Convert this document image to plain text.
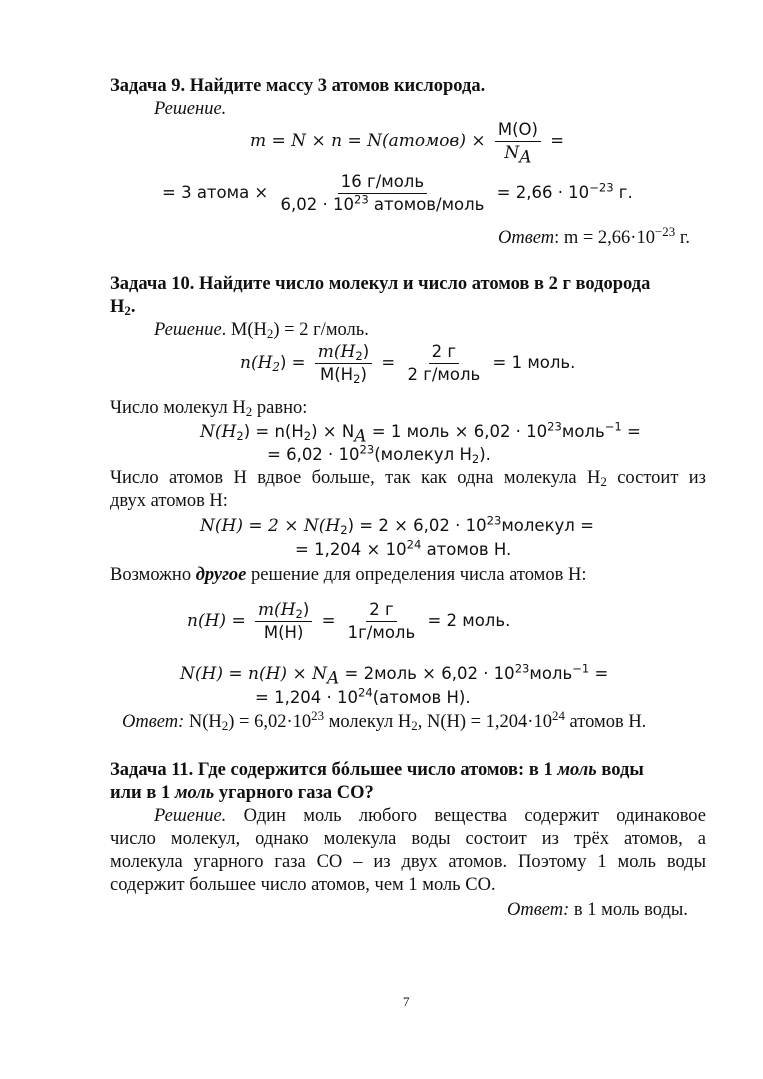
Задача 9. Найдите массу 3 атомов кислорода.
Решение.
m = N × n = N(атомов) × $\frac{M(O)}{N_A}$ =
= 3 атома × $\frac{\text{16 г/моль}}{6,02 \cdot 10^{23} атомов/моль} = 2,66 \cdot 10^{-23}$ г.
Ответ: $m = 2,66\cdot 10^{-23}$ г.
Задача 10. Найдите число молекул и число атомов в 2 г водорода
$H_2$.
Решение. $M(H_2) = 2$ г/моль.
$n(H_2) = \frac{m(H_2)}{M(H_2)} = \frac{2 г}{\text{2 г/моль}} = 1$ моль.
Число молекул $H_2$ равно:
$N(H_2) = n(H_2) \times N_A = 1$ моль × $6,02 \cdot 10^{23}моль^{-1}$ =
= $6,02 \cdot 10^{23}(молекул$ $H_2$).
Число атомов H вдвое больше, так как одна молекула $H_2$ состоит из
двух атомов H:
$N(H) = 2 \times N(H_2) = 2 \times 6,02$ · $10^{23}молекул$ =
= $1,204 \times 10^{24}$ атомов H.
Возможно другое решение для определения числа атомов H:
$n(H) = \frac{m(H_2)}{M(H)} = \frac{2 г}{\text{1г/моль}} = 2$ моль.
$N(H) = n(H) \times N_A$ = 2моль × $6,02 \cdot 10^{23}моль^{-1}$ =
= $1,204 \cdot 10^{24}(атомов$ H).
Ответ: $N(H_2) = 6,02\cdot 10^{23}$ молекул $H_2$, $N(H) = 1,204\cdot 10^{24}$ атомов H.
Задача 11. Где содержится бóльшее число атомов: в 1 моль воды
или в 1 моль угарного газа CO?
Решение. Один моль любого вещества содержит одинаковое
число молекул, однако молекула воды состоит из трёх атомов, а
молекула угарного газа CO – из двух атомов. Поэтому 1 моль воды
содержит большее число атомов, чем 1 моль CO.
Ответ: в 1 моль воды.
7
